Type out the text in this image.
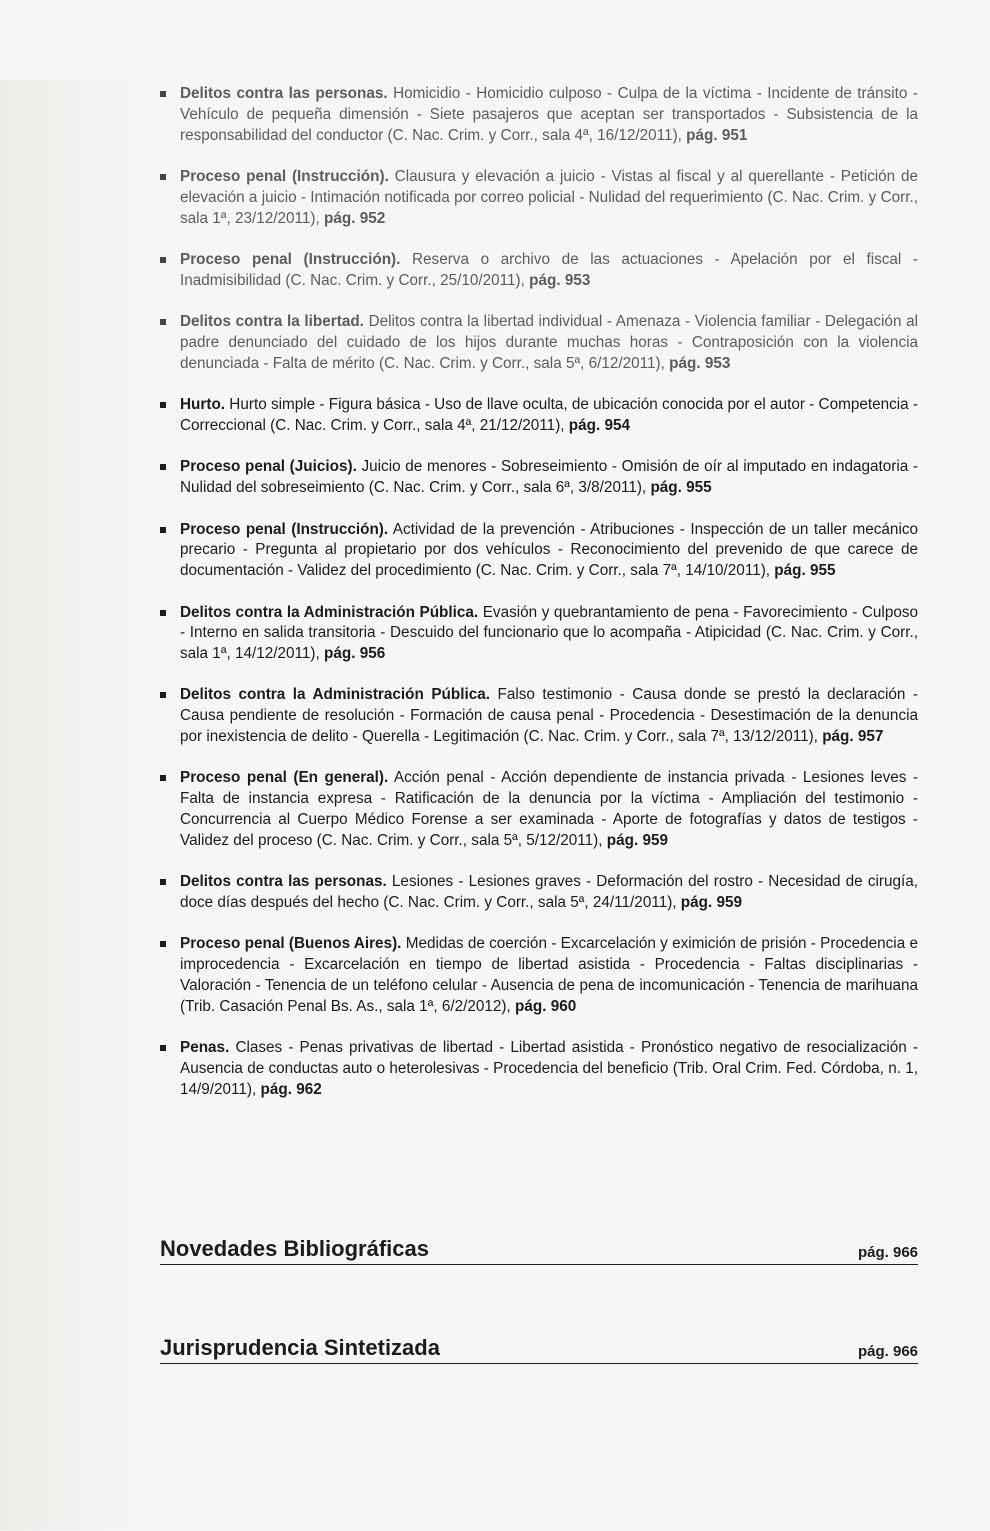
Delitos contra las personas. Homicidio - Homicidio culposo - Culpa de la víctima - Incidente de tránsito - Vehículo de pequeña dimensión - Siete pasajeros que aceptan ser transportados - Subsistencia de la responsabilidad del conductor (C. Nac. Crim. y Corr., sala 4ª, 16/12/2011), pág. 951
Proceso penal (Instrucción). Clausura y elevación a juicio - Vistas al fiscal y al querellante - Petición de elevación a juicio - Intimación notificada por correo policial - Nulidad del requerimiento (C. Nac. Crim. y Corr., sala 1ª, 23/12/2011), pág. 952
Proceso penal (Instrucción). Reserva o archivo de las actuaciones - Apelación por el fiscal - Inadmisibilidad (C. Nac. Crim. y Corr., 25/10/2011), pág. 953
Delitos contra la libertad. Delitos contra la libertad individual - Amenaza - Violencia familiar - Delegación al padre denunciado del cuidado de los hijos durante muchas horas - Contraposición con la violencia denunciada - Falta de mérito (C. Nac. Crim. y Corr., sala 5ª, 6/12/2011), pág. 953
Hurto. Hurto simple - Figura básica - Uso de llave oculta, de ubicación conocida por el autor - Competencia - Correccional (C. Nac. Crim. y Corr., sala 4ª, 21/12/2011), pág. 954
Proceso penal (Juicios). Juicio de menores - Sobreseimiento - Omisión de oír al imputado en indagatoria - Nulidad del sobreseimiento (C. Nac. Crim. y Corr., sala 6ª, 3/8/2011), pág. 955
Proceso penal (Instrucción). Actividad de la prevención - Atribuciones - Inspección de un taller mecánico precario - Pregunta al propietario por dos vehículos - Reconocimiento del prevenido de que carece de documentación - Validez del procedimiento (C. Nac. Crim. y Corr., sala 7ª, 14/10/2011), pág. 955
Delitos contra la Administración Pública. Evasión y quebrantamiento de pena - Favorecimiento - Culposo - Interno en salida transitoria - Descuido del funcionario que lo acompaña - Atipicidad (C. Nac. Crim. y Corr., sala 1ª, 14/12/2011), pág. 956
Delitos contra la Administración Pública. Falso testimonio - Causa donde se prestó la declaración - Causa pendiente de resolución - Formación de causa penal - Procedencia - Desestimación de la denuncia por inexistencia de delito - Querella - Legitimación (C. Nac. Crim. y Corr., sala 7ª, 13/12/2011), pág. 957
Proceso penal (En general). Acción penal - Acción dependiente de instancia privada - Lesiones leves - Falta de instancia expresa - Ratificación de la denuncia por la víctima - Ampliación del testimonio - Concurrencia al Cuerpo Médico Forense a ser examinada - Aporte de fotografías y datos de testigos - Validez del proceso (C. Nac. Crim. y Corr., sala 5ª, 5/12/2011), pág. 959
Delitos contra las personas. Lesiones - Lesiones graves - Deformación del rostro - Necesidad de cirugía, doce días después del hecho (C. Nac. Crim. y Corr., sala 5ª, 24/11/2011), pág. 959
Proceso penal (Buenos Aires). Medidas de coerción - Excarcelación y eximición de prisión - Procedencia e improcedencia - Excarcelación en tiempo de libertad asistida - Procedencia - Faltas disciplinarias - Valoración - Tenencia de un teléfono celular - Ausencia de pena de incomunicación - Tenencia de marihuana (Trib. Casación Penal Bs. As., sala 1ª, 6/2/2012), pág. 960
Penas. Clases - Penas privativas de libertad - Libertad asistida - Pronóstico negativo de resocialización - Ausencia de conductas auto o heterolesivas - Procedencia del beneficio (Trib. Oral Crim. Fed. Córdoba, n. 1, 14/9/2011), pág. 962
Novedades Bibliográficas	pág. 966
Jurisprudencia Sintetizada	pág. 966
